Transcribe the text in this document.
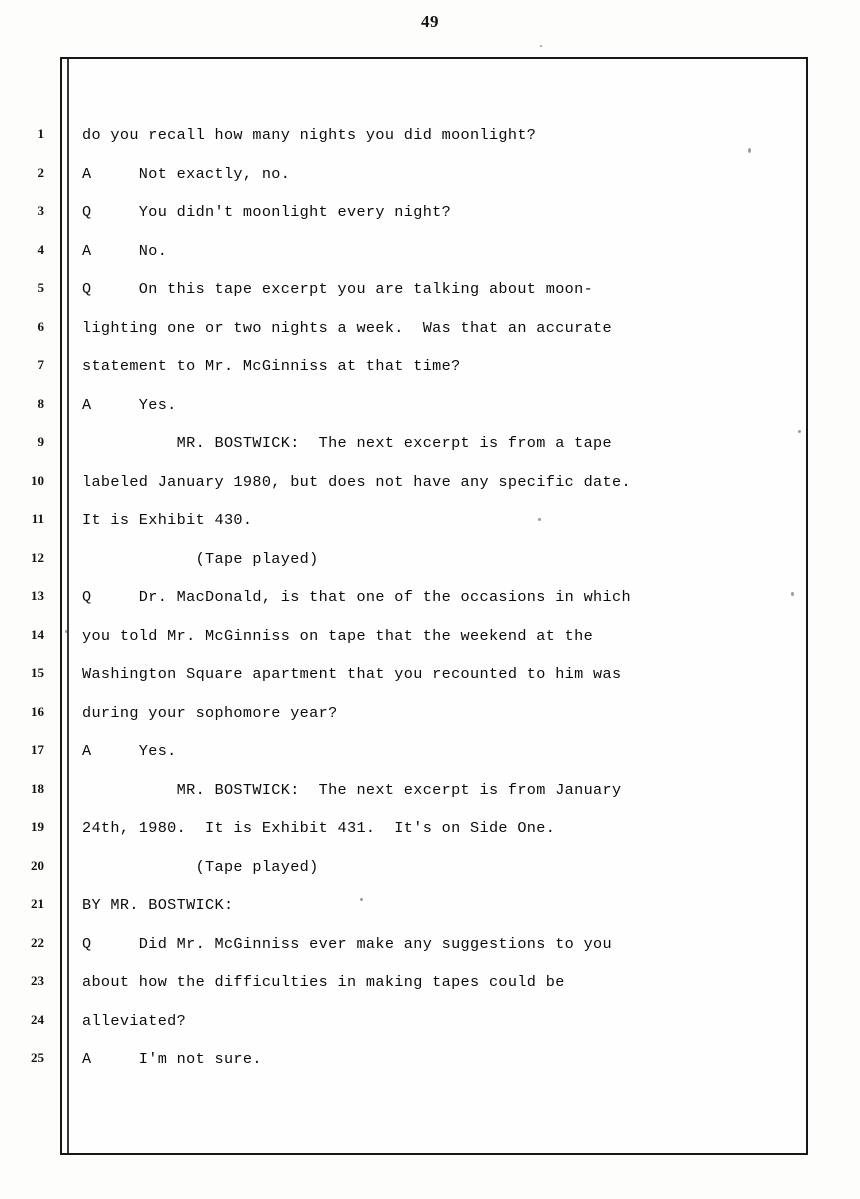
49
1
2
3
4
5
6
7
8
9
10
11
12
13
14
15
16
17
18
19
20
21
22
23
24
25
do you recall how many nights you did moonlight?
A     Not exactly, no.
Q     You didn't moonlight every night?
A     No.
Q     On this tape excerpt you are talking about moon-
lighting one or two nights a week.  Was that an accurate
statement to Mr. McGinniss at that time?
A     Yes.
MR. BOSTWICK:  The next excerpt is from a tape
labeled January 1980, but does not have any specific date.
It is Exhibit 430.
(Tape played)
Q     Dr. MacDonald, is that one of the occasions in which
you told Mr. McGinniss on tape that the weekend at the
Washington Square apartment that you recounted to him was
during your sophomore year?
A     Yes.
MR. BOSTWICK:  The next excerpt is from January
24th, 1980.  It is Exhibit 431.  It's on Side One.
(Tape played)
BY MR. BOSTWICK:
Q     Did Mr. McGinniss ever make any suggestions to you
about how the difficulties in making tapes could be
alleviated?
A     I'm not sure.
